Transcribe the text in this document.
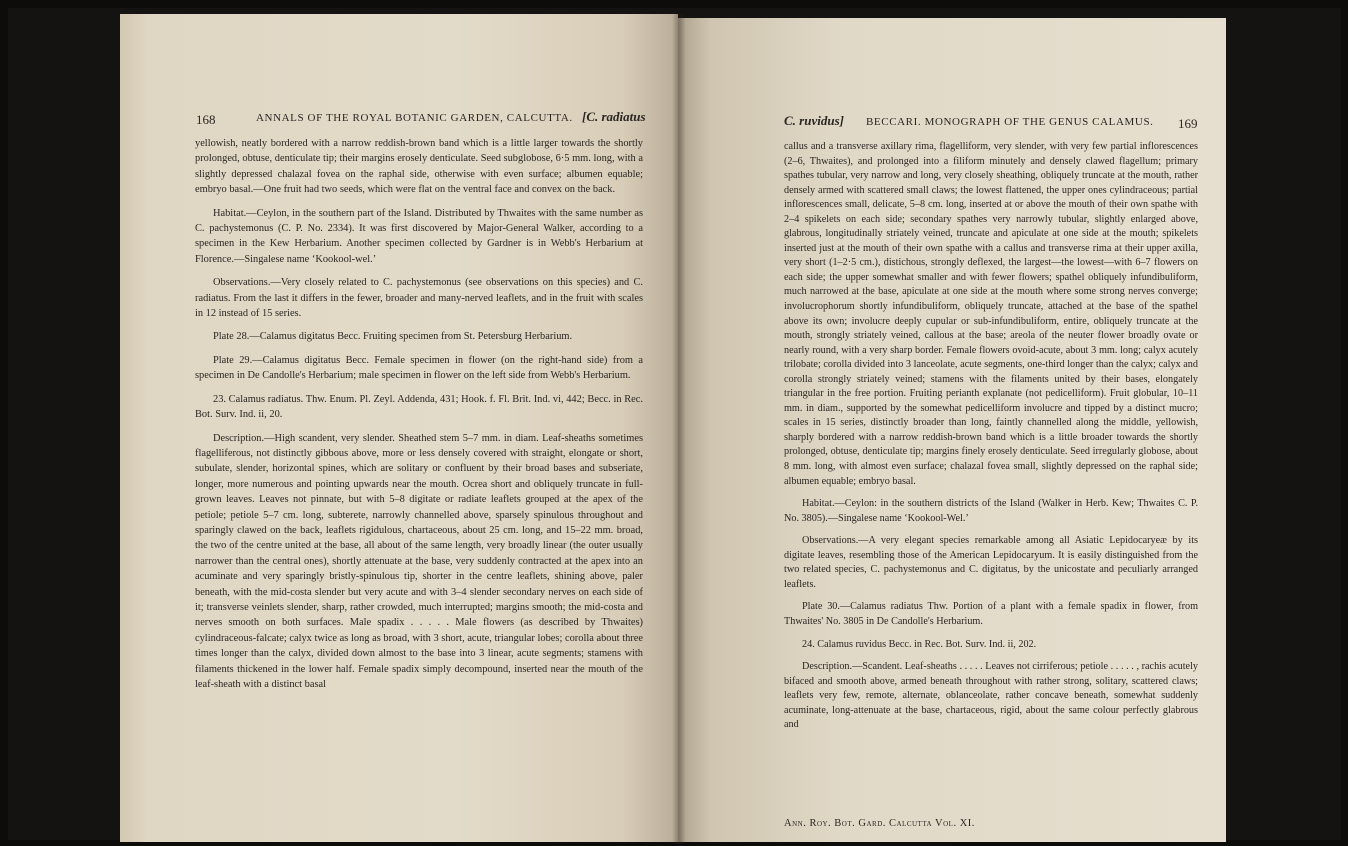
168	ANNALS OF THE ROYAL BOTANIC GARDEN, CALCUTTA. [C. radiatus

yellowish, neatly bordered with a narrow reddish-brown band which is a little larger towards the shortly prolonged, obtuse, denticulate tip; their margins erosely denticulate. Seed subglobose, 6·5 mm. long, with a slightly depressed chalazal fovea on the raphal side, otherwise with even surface; albumen equable; embryo basal.—One fruit had two seeds, which were flat on the ventral face and convex on the back.

Habitat.—Ceylon, in the southern part of the Island. Distributed by Thwaites with the same number as C. pachystemonus (C. P. No. 2334). It was first discovered by Major-General Walker, according to a specimen in the Kew Herbarium. Another specimen collected by Gardner is in Webb's Herbarium at Florence.—Singalese name ‘Kookool-wel.’

Observations.—Very closely related to C. pachystemonus (see observations on this species) and C. radiatus. From the last it differs in the fewer, broader and many-nerved leaflets, and in the fruit with scales in 12 instead of 15 series.

Plate 28.—Calamus digitatus Becc. Fruiting specimen from St. Petersburg Herbarium.

Plate 29.—Calamus digitatus Becc. Female specimen in flower (on the right-hand side) from a specimen in De Candolle's Herbarium; male specimen in flower on the left side from Webb's Herbarium.

23. Calamus radiatus. Thw. Enum. Pl. Zeyl. Addenda, 431; Hook. f. Fl. Brit. Ind. vi, 442; Becc. in Rec. Bot. Surv. Ind. ii, 20.

Description.—High scandent, very slender. Sheathed stem 5–7 mm. in diam. Leaf-sheaths sometimes flagelliferous, not distinctly gibbous above, more or less densely covered with straight, elongate or short, subulate, slender, horizontal spines, which are solitary or confluent by their broad bases and subseriate, longer, more numerous and pointing upwards near the mouth. Ocrea short and obliquely truncate in full-grown leaves. Leaves not pinnate, but with 5–8 digitate or radiate leaflets grouped at the apex of the petiole; petiole 5–7 cm. long, subterete, narrowly channelled above, sparsely spinulous throughout and sparingly clawed on the back, leaflets rigidulous, chartaceous, about 25 cm. long, and 15–22 mm. broad, the two of the centre united at the base, all about of the same length, very broadly linear (the outer usually narrower than the central ones), shortly attenuate at the base, very suddenly contracted at the apex into an acuminate and very sparingly bristly-spinulous tip, shorter in the centre leaflets, shining above, paler beneath, with the mid-costa slender but very acute and with 3–4 slender secondary nerves on each side of it; transverse veinlets slender, sharp, rather crowded, much interrupted; margins smooth; the mid-costa and nerves smooth on both surfaces. Male spadix . . . . . Male flowers (as described by Thwaites) cylindraceous-falcate; calyx twice as long as broad, with 3 short, acute, triangular lobes; corolla about three times longer than the calyx, divided down almost to the base into 3 linear, acute segments; stamens with filaments thickened in the lower half. Female spadix simply decompound, inserted near the mouth of the leaf-sheath with a distinct basal

C. ruvidus] BECCARI. MONOGRAPH OF THE GENUS CALAMUS.	169

callus and a transverse axillary rima, flagelliform, very slender, with very few partial inflorescences (2–6, Thwaites), and prolonged into a filiform minutely and densely clawed flagellum; primary spathes tubular, very narrow and long, very closely sheathing, obliquely truncate at the mouth, rather densely armed with scattered small claws; the lowest flattened, the upper ones cylindraceous; partial inflorescences small, delicate, 5–8 cm. long, inserted at or above the mouth of their own spathe with 2–4 spikelets on each side; secondary spathes very narrowly tubular, slightly enlarged above, glabrous, longitudinally striately veined, truncate and apiculate at one side at the mouth; spikelets inserted just at the mouth of their own spathe with a callus and transverse rima at their upper axilla, very short (1–2·5 cm.), distichous, strongly deflexed, the largest—the lowest—with 6–7 flowers on each side; the upper somewhat smaller and with fewer flowers; spathel obliquely infundibuliform, much narrowed at the base, apiculate at one side at the mouth where some strong nerves converge; involucrophorum shortly infundibuliform, obliquely truncate, attached at the base of the spathel above its own; involucre deeply cupular or sub-infundibuliform, entire, obliquely truncate at the mouth, strongly striately veined, callous at the base; areola of the neuter flower broadly ovate or nearly round, with a very sharp border. Female flowers ovoid-acute, about 3 mm. long; calyx acutely trilobate; corolla divided into 3 lanceolate, acute segments, one-third longer than the calyx; calyx and corolla strongly striately veined; stamens with the filaments united by their bases, elongately triangular in the free portion. Fruiting perianth explanate (not pedicelliform). Fruit globular, 10–11 mm. in diam., supported by the somewhat pedicelliform involucre and tipped by a distinct mucro; scales in 15 series, distinctly broader than long, faintly channelled along the middle, yellowish, sharply bordered with a narrow reddish-brown band which is a little broader towards the shortly prolonged, obtuse, denticulate tip; margins finely erosely denticulate. Seed irregularly globose, about 8 mm. long, with almost even surface; chalazal fovea small, slightly depressed on the raphal side; albumen equable; embryo basal.

Habitat.—Ceylon: in the southern districts of the Island (Walker in Herb. Kew; Thwaites C. P. No. 3805).—Singalese name ‘Kookool-Wel.’

Observations.—A very elegant species remarkable among all Asiatic Lepidocaryeæ by its digitate leaves, resembling those of the American Lepidocaryum. It is easily distinguished from the two related species, C. pachystemonus and C. digitatus, by the unicostate and peculiarly arranged leaflets.

Plate 30.—Calamus radiatus Thw. Portion of a plant with a female spadix in flower, from Thwaites' No. 3805 in De Candolle's Herbarium.

24. Calamus ruvidus Becc. in Rec. Bot. Surv. Ind. ii, 202.

Description.—Scandent. Leaf-sheaths . . . . . Leaves not cirriferous; petiole . . . . . , rachis acutely bifaced and smooth above, armed beneath throughout with rather strong, solitary, scattered claws; leaflets very few, remote, alternate, oblanceolate, rather concave beneath, somewhat suddenly acuminate, long-attenuate at the base, chartaceous, rigid, about the same colour perfectly glabrous and

Ann. Roy. Bot. Gard. Calcutta Vol. XI.
